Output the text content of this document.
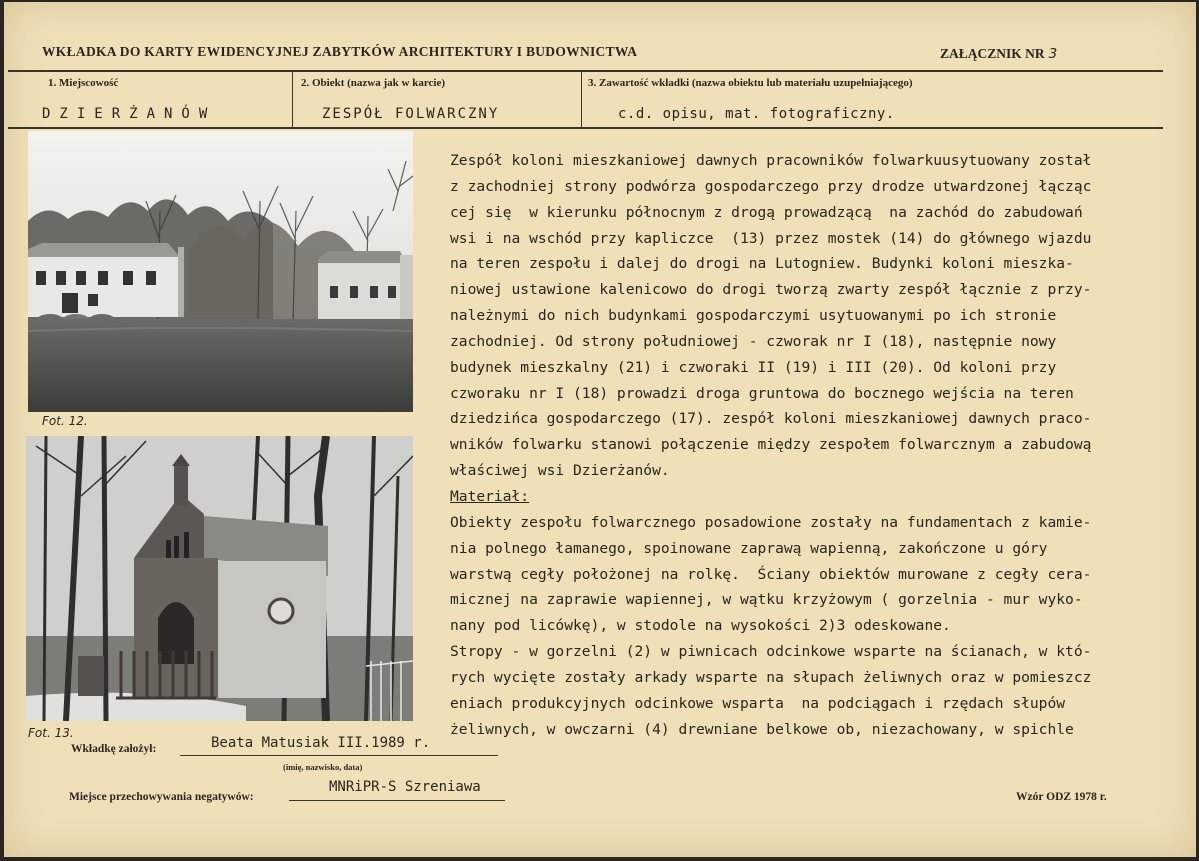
WKŁADKA DO KARTY EWIDENCYJNEJ ZABYTKÓW ARCHITEKTURY I BUDOWNICTWA	ZAŁĄCZNIK NR 3
1. Miejscowość
DZIERŻANÓW
2. Obiekt (nazwa jak w karcie)
ZESPÓŁ FOLWARCZNY
3. Zawartość wkładki (nazwa obiektu lub materiału uzupełniającego)
c.d. opisu, mat. fotograficzny.
Fot. 12.
Fot. 13.
Zespół koloni mieszkaniowej dawnych pracowników folwarkuusytuowany został
z zachodniej strony podwórza gospodarczego przy drodze utwardzonej łącząc
cej się  w kierunku północnym z drogą prowadzącą  na zachód do zabudowań
wsi i na wschód przy kapliczce  (13) przez mostek (14) do głównego wjazdu
na teren zespołu i dalej do drogi na Lutogniew. Budynki koloni mieszka-
niowej ustawione kalenicowo do drogi tworzą zwarty zespół łącznie z przy-
należnymi do nich budynkami gospodarczymi usytuowanymi po ich stronie
zachodniej. Od strony południowej - czworak nr I (18), następnie nowy
budynek mieszkalny (21) i czworaki II (19) i III (20). Od koloni przy
czworaku nr I (18) prowadzi droga gruntowa do bocznego wejścia na teren
dziedzińca gospodarczego (17). zespół koloni mieszkaniowej dawnych praco-
wników folwarku stanowi połączenie między zespołem folwarcznym a zabudową
właściwej wsi Dzierżanów.
Materiał:
Obiekty zespołu folwarcznego posadowione zostały na fundamentach z kamie-
nia polnego łamanego, spoinowane zaprawą wapienną, zakończone u góry
warstwą cegły położonej na rolkę.  Ściany obiektów murowane z cegły cera-
micznej na zaprawie wapiennej, w wątku krzyżowym ( gorzelnia - mur wyko-
nany pod licówkę), w stodole na wysokości 2)3 odeskowane.
Stropy - w gorzelni (2) w piwnicach odcinkowe wsparte na ścianach, w któ-
rych wycięte zostały arkady wsparte na słupach żeliwnych oraz w pomieszcz
eniach produkcyjnych odcinkowe wsparta  na podciągach i rzędach słupów
żeliwnych, w owczarni (4) drewniane belkowe ob, niezachowany, w spichle
Wkładkę założył:	Beata Matusiak III.1989 r.
(imię, nazwisko, data)
Miejsce przechowywania negatywów:
MNRiPR-S Szreniawa
Wzór ODZ 1978 r.
